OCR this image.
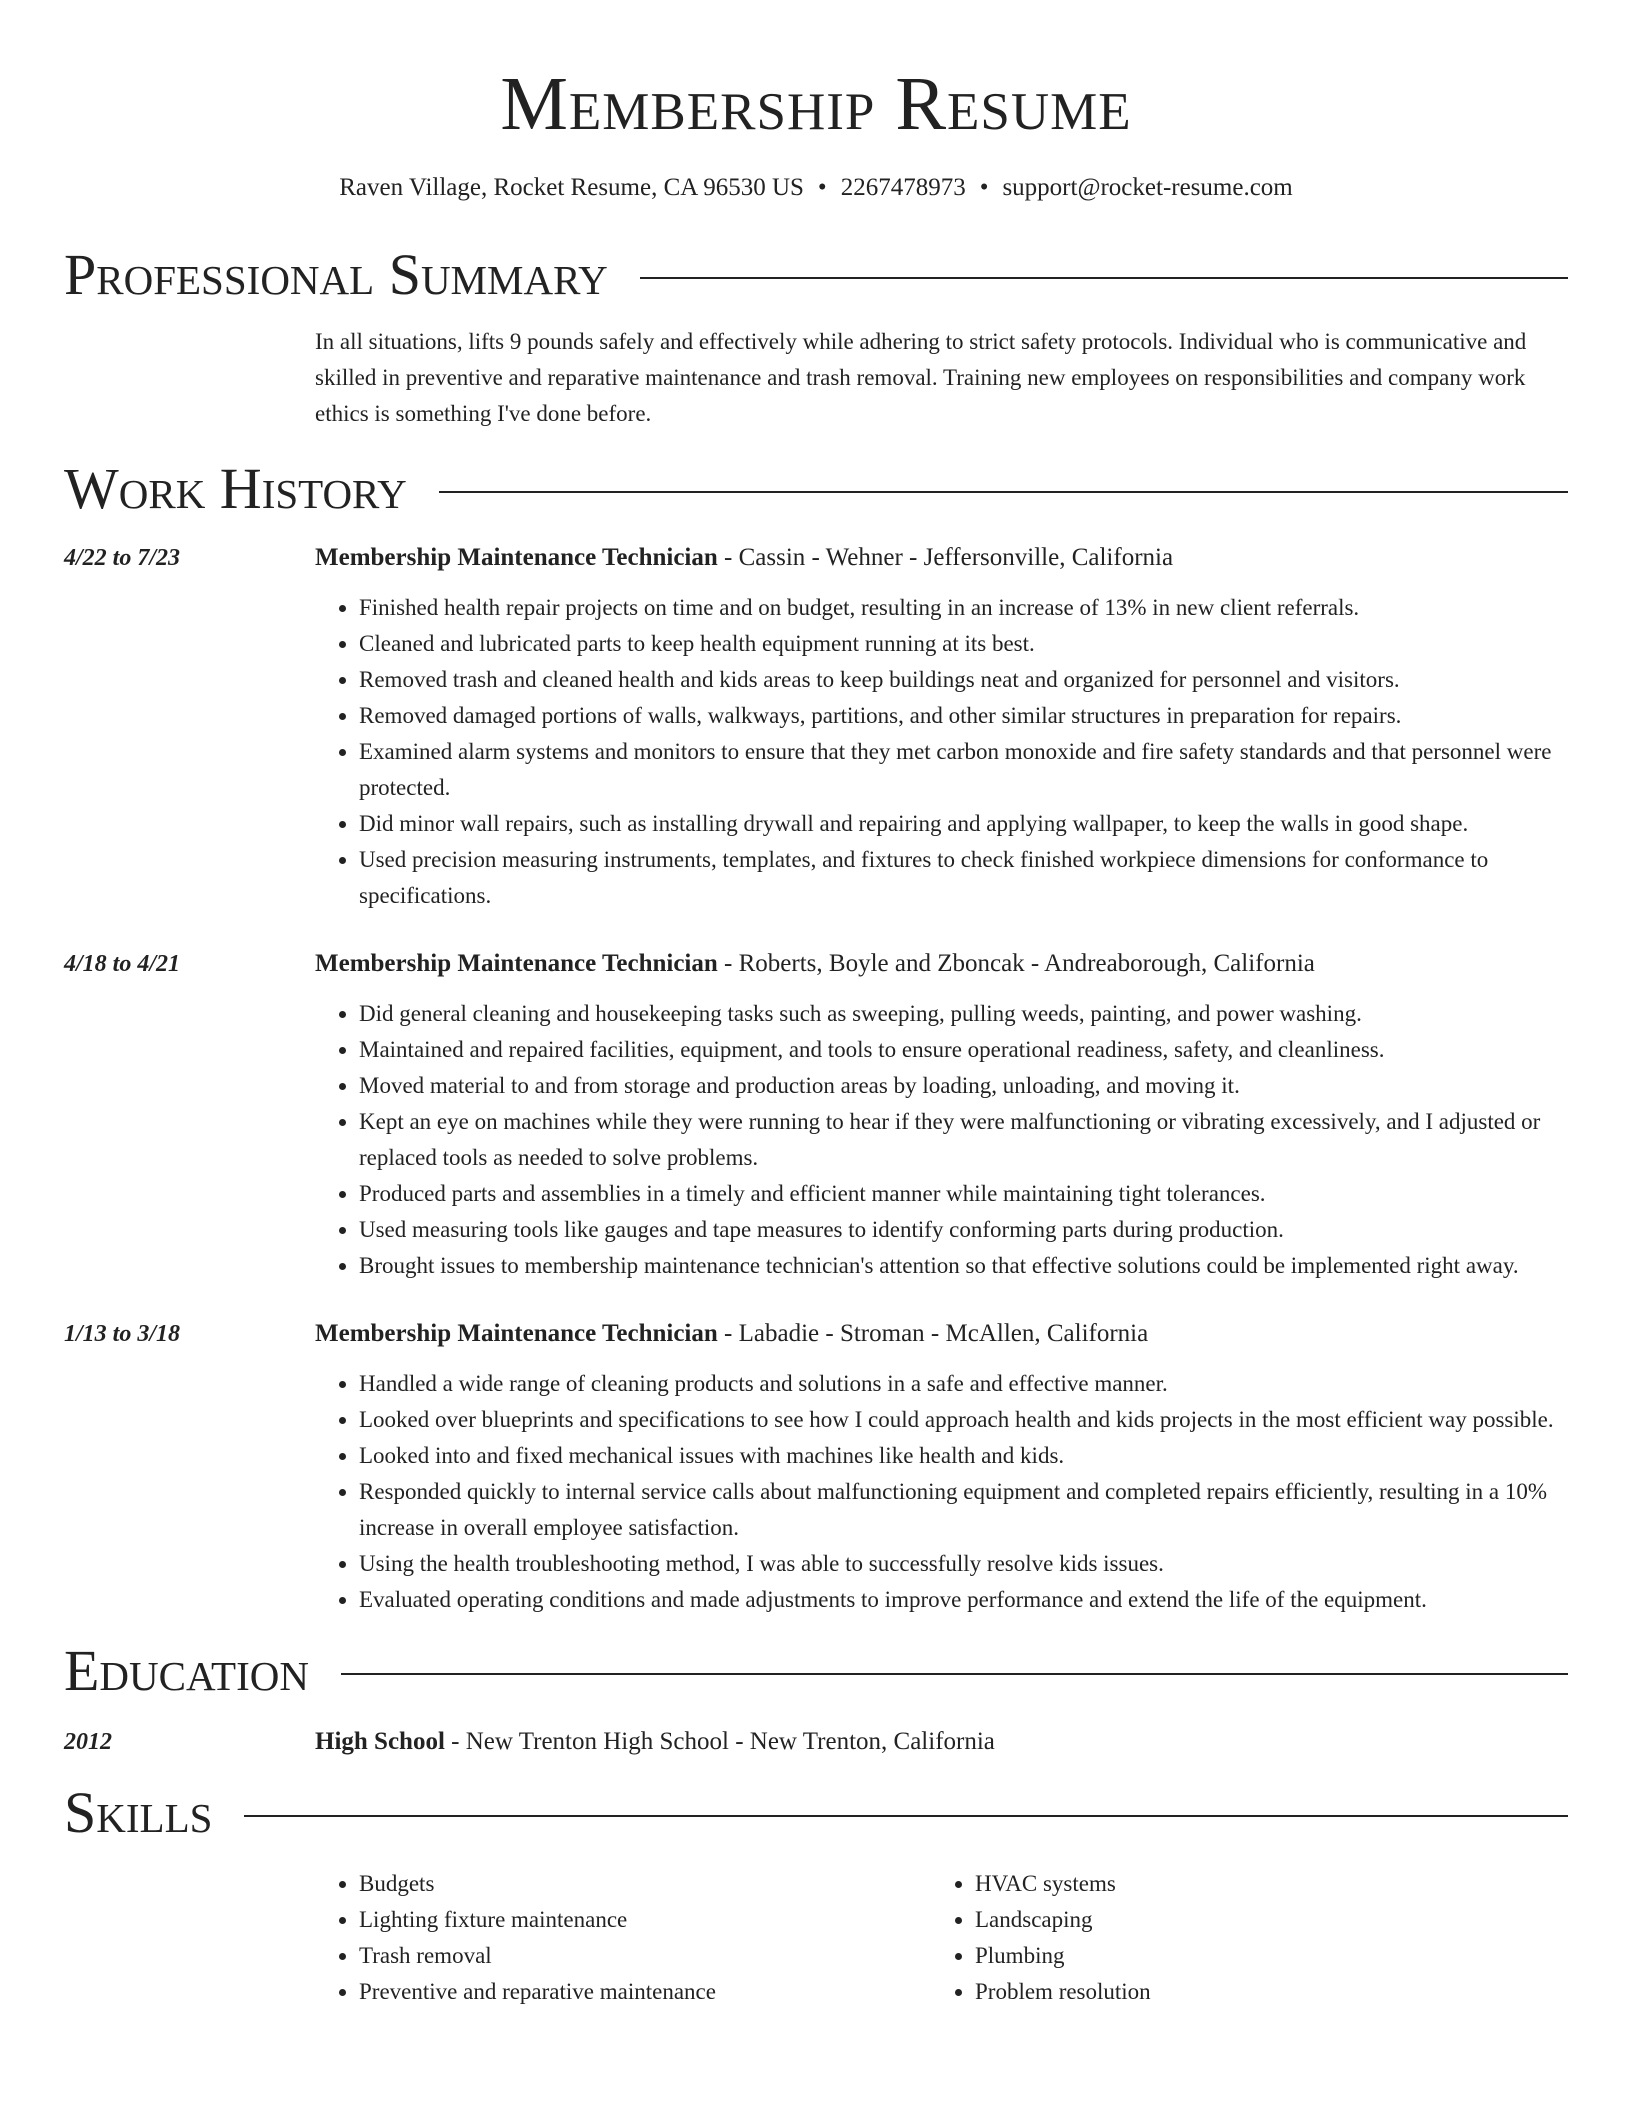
Membership Resume
Raven Village, Rocket Resume, CA 96530 US • 2267478973 • support@rocket-resume.com
Professional Summary

In all situations, lifts 9 pounds safely and effectively while adhering to strict safety protocols. Individual who is communicative and skilled in preventive and reparative maintenance and trash removal. Training new employees on responsibilities and company work ethics is something I've done before.

Work History
4/22 to 7/23	Membership Maintenance Technician - Cassin - Wehner - Jeffersonville, California
• Finished health repair projects on time and on budget, resulting in an increase of 13% in new client referrals.
• Cleaned and lubricated parts to keep health equipment running at its best.
• Removed trash and cleaned health and kids areas to keep buildings neat and organized for personnel and visitors.
• Removed damaged portions of walls, walkways, partitions, and other similar structures in preparation for repairs.
• Examined alarm systems and monitors to ensure that they met carbon monoxide and fire safety standards and that personnel were protected.
• Did minor wall repairs, such as installing drywall and repairing and applying wallpaper, to keep the walls in good shape.
• Used precision measuring instruments, templates, and fixtures to check finished workpiece dimensions for conformance to specifications.
4/18 to 4/21	Membership Maintenance Technician - Roberts, Boyle and Zboncak - Andreaborough, California
• Did general cleaning and housekeeping tasks such as sweeping, pulling weeds, painting, and power washing.
• Maintained and repaired facilities, equipment, and tools to ensure operational readiness, safety, and cleanliness.
• Moved material to and from storage and production areas by loading, unloading, and moving it.
• Kept an eye on machines while they were running to hear if they were malfunctioning or vibrating excessively, and I adjusted or replaced tools as needed to solve problems.
• Produced parts and assemblies in a timely and efficient manner while maintaining tight tolerances.
• Used measuring tools like gauges and tape measures to identify conforming parts during production.
• Brought issues to membership maintenance technician's attention so that effective solutions could be implemented right away.
1/13 to 3/18	Membership Maintenance Technician - Labadie - Stroman - McAllen, California
• Handled a wide range of cleaning products and solutions in a safe and effective manner.
• Looked over blueprints and specifications to see how I could approach health and kids projects in the most efficient way possible.
• Looked into and fixed mechanical issues with machines like health and kids.
• Responded quickly to internal service calls about malfunctioning equipment and completed repairs efficiently, resulting in a 10% increase in overall employee satisfaction.
• Using the health troubleshooting method, I was able to successfully resolve kids issues.
• Evaluated operating conditions and made adjustments to improve performance and extend the life of the equipment.
Education
2012	High School - New Trenton High School - New Trenton, California
Skills
• Budgets
• Lighting fixture maintenance
• Trash removal
• Preventive and reparative maintenance
• HVAC systems
• Landscaping
• Plumbing
• Problem resolution
